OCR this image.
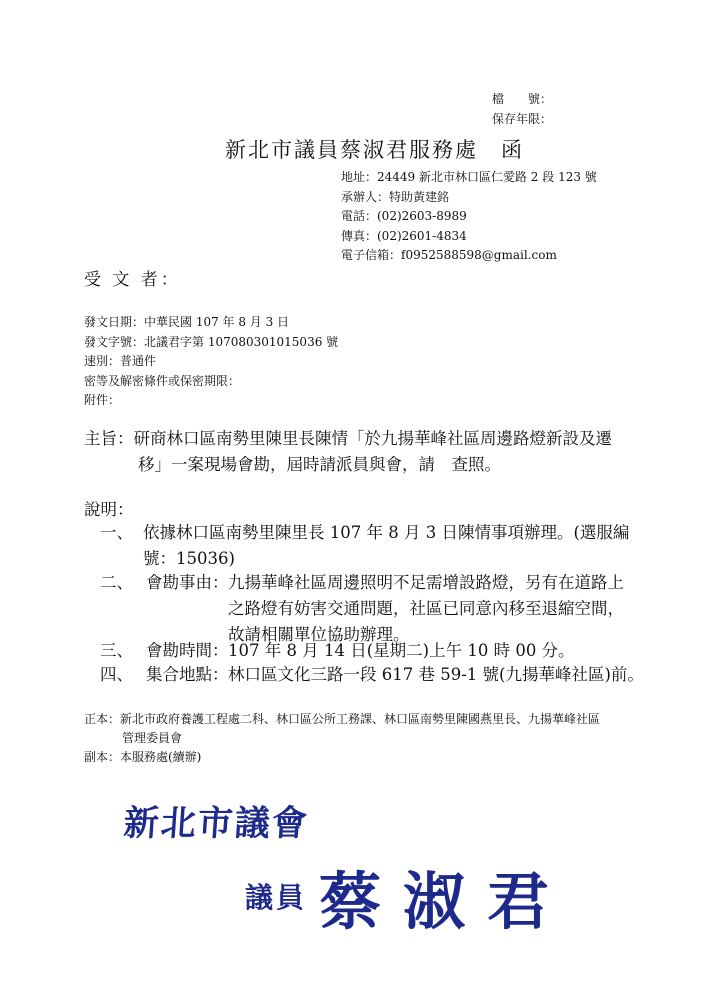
檔　　號：
保存年限：
新北市議員蔡淑君服務處　函
地址：24449 新北市林口區仁愛路 2 段 123 號
承辦人：特助黃建銘
電話：(02)2603-8989
傳真：(02)2601-4834
電子信箱：f0952588598@gmail.com
受 文 者：
發文日期：中華民國 107 年 8 月 3 日
發文字號：北議君字第 107080301015036 號
速別：普通件
密等及解密條件或保密期限：
附件：
主旨：研商林口區南勢里陳里長陳情「於九揚華峰社區周邊路燈新設及遷
移」一案現場會勘，屆時請派員與會，請　查照。
說明：
一、 依據林口區南勢里陳里長 107 年 8 月 3 日陳情事項辦理。(選服編
號：15036)
二、 會勘事由： 九揚華峰社區周邊照明不足需增設路燈，另有在道路上
之路燈有妨害交通問題，社區已同意內移至退縮空間，
故請相關單位協助辦理。
三、 會勘時間： 107 年 8 月 14 日(星期二)上午 10 時 00 分。
四、 集合地點： 林口區文化三路一段 617 巷 59-1 號(九揚華峰社區)前。
正本：新北市政府養護工程處二科、林口區公所工務課、林口區南勢里陳國燕里長、九揚華峰社區
管理委員會
副本：本服務處(續辦)
新北市議會
議員 蔡淑君
